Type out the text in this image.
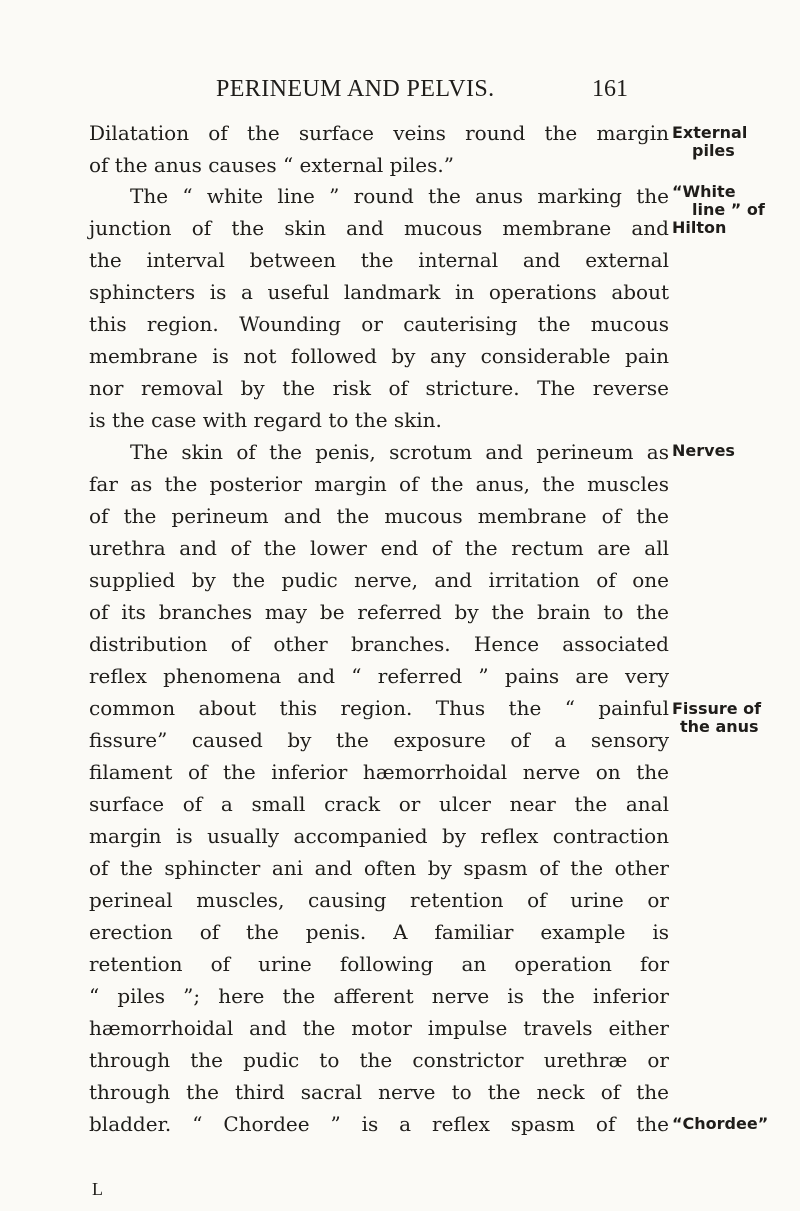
PERINEUM AND PELVIS.	161
Dilatation of the surface veins round the margin
of the anus causes “ external piles.”
The “ white line ” round the anus marking the
junction of the skin and mucous membrane and
the interval between the internal and external
sphincters is a useful landmark in operations about
this region. Wounding or cauterising the mucous
membrane is not followed by any considerable pain
nor removal by the risk of stricture. The reverse
is the case with regard to the skin.
The skin of the penis, scrotum and perineum as
far as the posterior margin of the anus, the muscles
of the perineum and the mucous membrane of the
urethra and of the lower end of the rectum are all
supplied by the pudic nerve, and irritation of one
of its branches may be referred by the brain to the
distribution of other branches. Hence associated
reflex phenomena and “ referred ” pains are very
common about this region. Thus the “ painful
fissure” caused by the exposure of a sensory
filament of the inferior hæmorrhoidal nerve on the
surface of a small crack or ulcer near the anal
margin is usually accompanied by reflex contraction
of the sphincter ani and often by spasm of the other
perineal muscles, causing retention of urine or
erection of the penis. A familiar example is
retention of urine following an operation for
“ piles ”; here the afferent nerve is the inferior
hæmorrhoidal and the motor impulse travels either
through the pudic to the constrictor urethræ or
through the third sacral nerve to the neck of the
bladder. “ Chordee ” is a reflex spasm of the
External
piles
“White
line ” of
Hilton
Nerves
Fissure of
the anus
“Chordee”
L
